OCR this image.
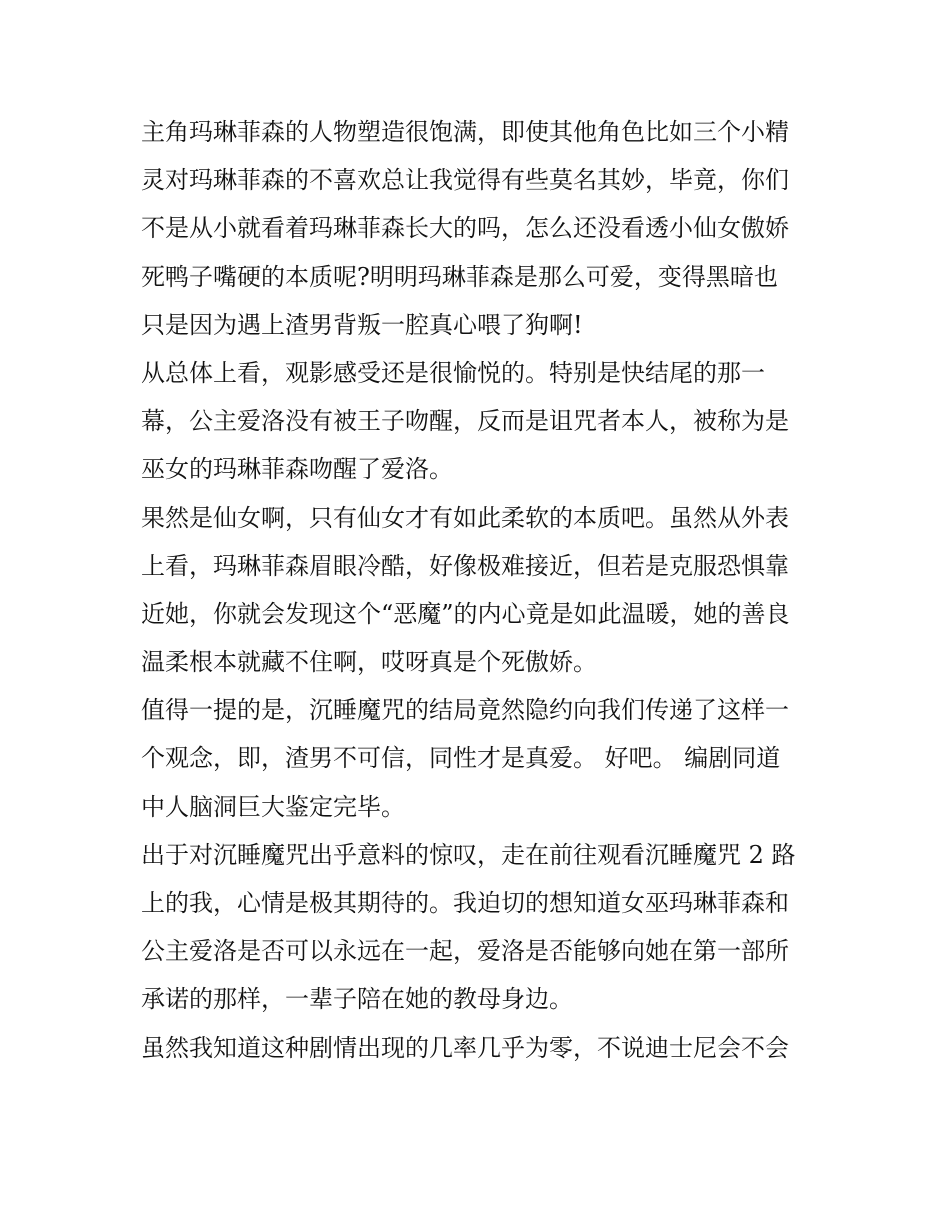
主角玛琳菲森的人物塑造很饱满，即使其他角色比如三个小精
灵对玛琳菲森的不喜欢总让我觉得有些莫名其妙，毕竟，你们
不是从小就看着玛琳菲森长大的吗，怎么还没看透小仙女傲娇
死鸭子嘴硬的本质呢?明明玛琳菲森是那么可爱，变得黑暗也
只是因为遇上渣男背叛一腔真心喂了狗啊!
从总体上看，观影感受还是很愉悦的。特别是快结尾的那一
幕，公主爱洛没有被王子吻醒，反而是诅咒者本人，被称为是
巫女的玛琳菲森吻醒了爱洛。
果然是仙女啊，只有仙女才有如此柔软的本质吧。虽然从外表
上看，玛琳菲森眉眼冷酷，好像极难接近，但若是克服恐惧靠
近她，你就会发现这个“恶魔”的内心竟是如此温暖，她的善良
温柔根本就藏不住啊，哎呀真是个死傲娇。
值得一提的是，沉睡魔咒的结局竟然隐约向我们传递了这样一
个观念，即，渣男不可信，同性才是真爱。 好吧。 编剧同道
中人脑洞巨大鉴定完毕。
出于对沉睡魔咒出乎意料的惊叹，走在前往观看沉睡魔咒 2 路
上的我，心情是极其期待的。我迫切的想知道女巫玛琳菲森和
公主爱洛是否可以永远在一起，爱洛是否能够向她在第一部所
承诺的那样，一辈子陪在她的教母身边。
虽然我知道这种剧情出现的几率几乎为零，不说迪士尼会不会
